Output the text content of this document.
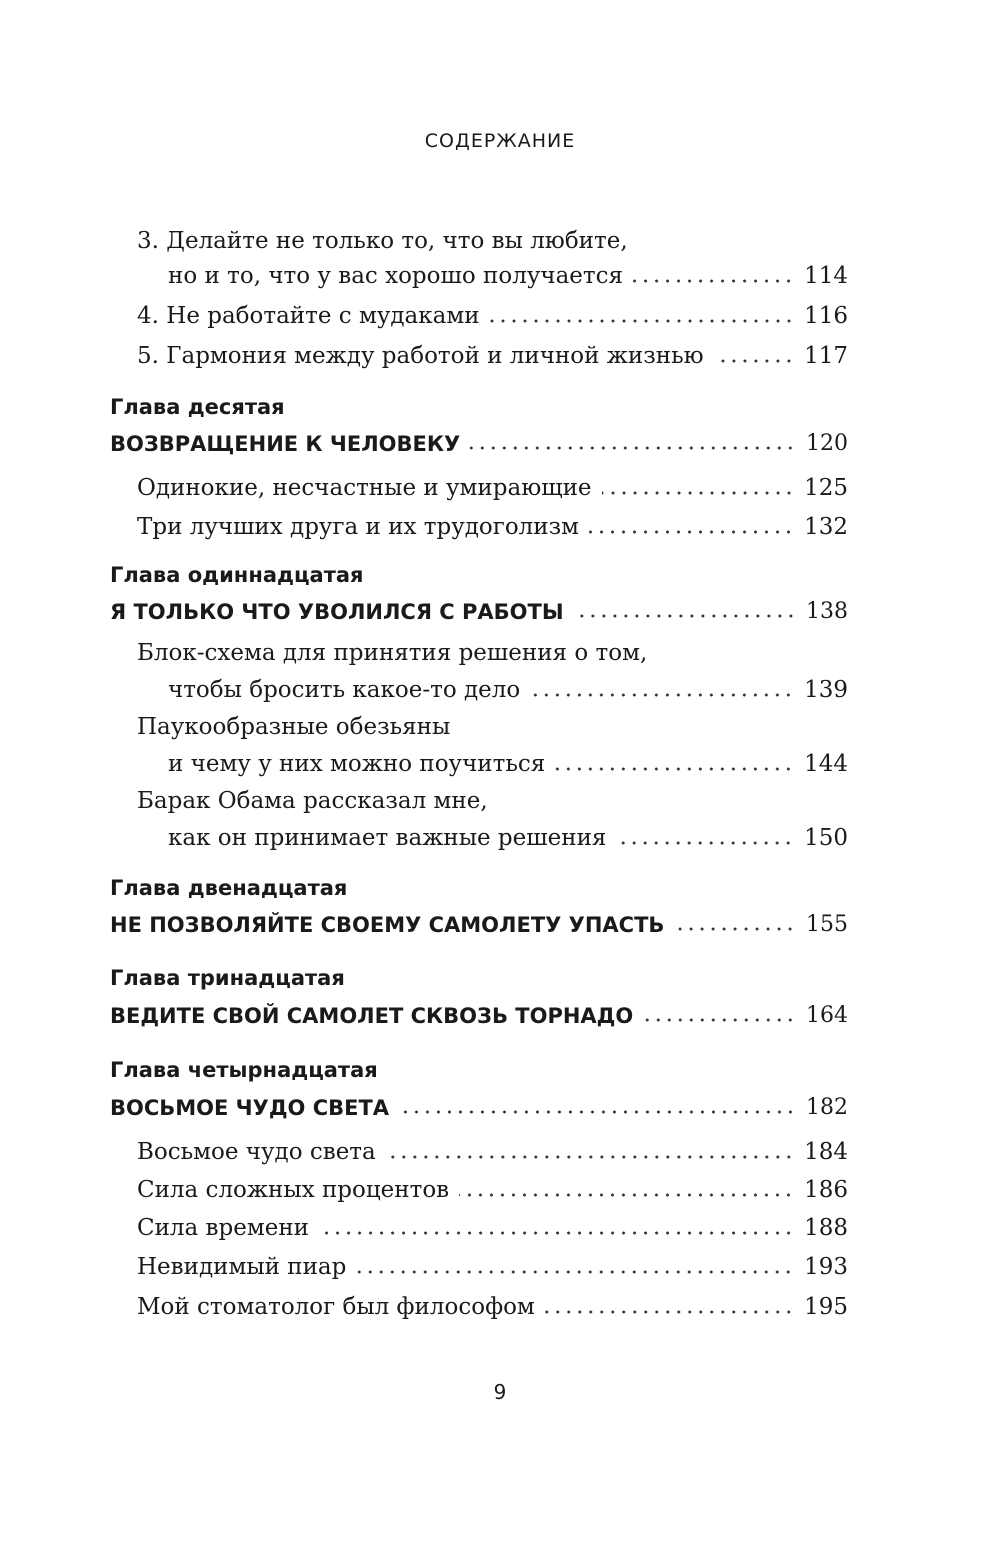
СОДЕРЖАНИЕ
3. Делайте не только то, что вы любите,
но и то, что у вас хорошо получается	114
4. Не работайте с мудаками	116
5. Гармония между работой и личной жизнью	117
Глава десятая
ВОЗВРАЩЕНИЕ К ЧЕЛОВЕКУ	120
Одинокие, несчастные и умирающие	125
Три лучших друга и их трудоголизм	132
Глава одиннадцатая
Я ТОЛЬКО ЧТО УВОЛИЛСЯ С РАБОТЫ	138
Блок-схема для принятия решения о том,
чтобы бросить какое-то дело	139
Паукообразные обезьяны
и чему у них можно поучиться	144
Барак Обама рассказал мне,
как он принимает важные решения	150
Глава двенадцатая
НЕ ПОЗВОЛЯЙТЕ СВОЕМУ САМОЛЕТУ УПАСТЬ	155
Глава тринадцатая
ВЕДИТЕ СВОЙ САМОЛЕТ СКВОЗЬ ТОРНАДО	164
Глава четырнадцатая
ВОСЬМОЕ ЧУДО СВЕТА	182
Восьмое чудо света	184
Сила сложных процентов	186
Сила времени	188
Невидимый пиар	193
Мой стоматолог был философом	195
9
